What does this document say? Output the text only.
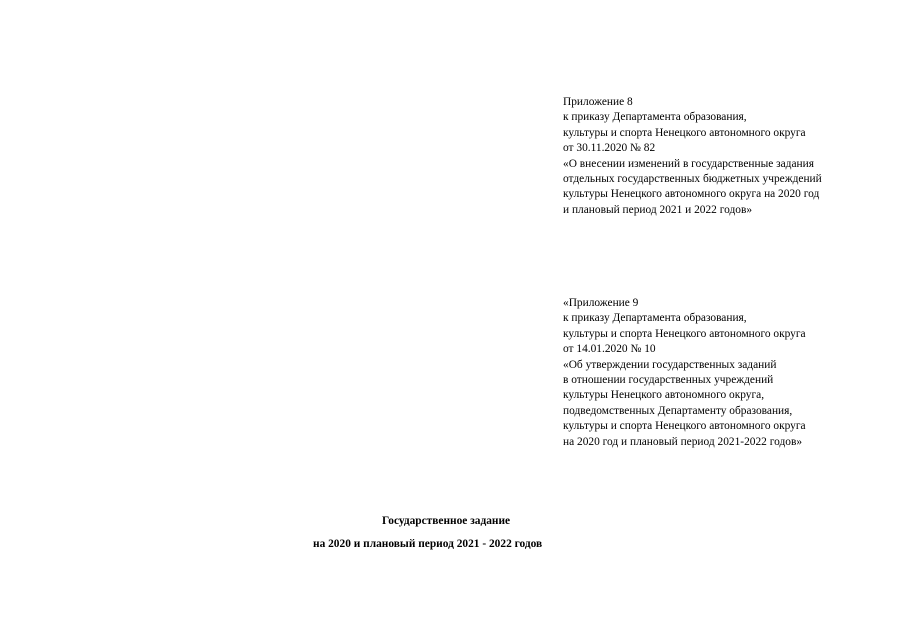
Приложение 8
к приказу Департамента образования,
культуры и спорта Ненецкого автономного округа
от 30.11.2020 № 82
«О внесении изменений в государственные задания
отдельных государственных бюджетных учреждений
культуры Ненецкого автономного округа на 2020 год
и плановый период 2021 и 2022 годов»
«Приложение 9
к приказу Департамента образования,
культуры и спорта Ненецкого автономного округа
от 14.01.2020 № 10
«Об утверждении государственных заданий
в отношении государственных учреждений
культуры Ненецкого автономного округа,
подведомственных Департаменту образования,
культуры и спорта Ненецкого автономного округа
на 2020 год и плановый период 2021-2022 годов»
Государственное задание
на 2020 и плановый период 2021 - 2022 годов
